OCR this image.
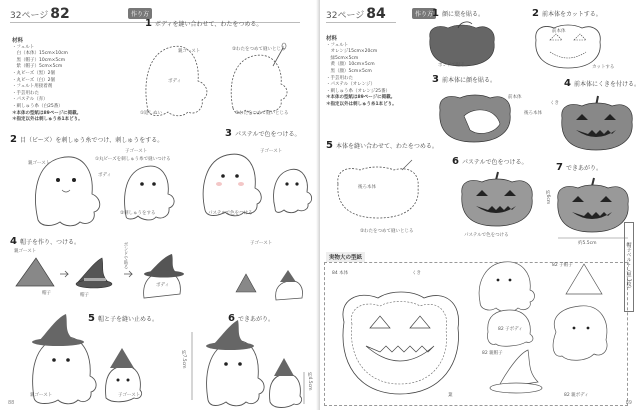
32ページ 82	作り方
材料
・フェルト
　白（本体）15cm×10cm
　黒（帽子）10cm×5cm
　紫（帽子）5cm×5cm
・丸ビーズ（黒）2個
・丸ビーズ（白）2個
・フェルト用接着剤
・手芸用わた
・パステル（赤）
・刺しゅう糸（白25番）
＊本体の型紙は89ページに掲載。
＊指定以外は刺しゅう糸1本どり。
1 ボディを縫い合わせて、わたをつめる。
親ゴースト
ボディ
②わたをつめて縫いとじる
①返しぬい	②わたをつめて縫いとじる
2 目（ビーズ）を刺しゅう糸でつけ、刺しゅうをする。
親ゴースト
ボディ
子ゴースト
①丸ビーズを刺しゅう糸で縫いつける
②刺しゅうをする
3 パステルで色をつける。
子ゴースト
パステルで色をつける
4 帽子を作り、つける。
親ゴースト
帽子	帽子
ボンドで貼る	子ゴースト
ボディ
5 帽と子を縫い止める。
親ゴースト	子ゴースト
6 できあがり。
約7.5cm
約4.5cm
88
32ページ 84	作り方
材料
・フェルト
　オレンジ15cm×20cm
　緑5cm×5cm
　黄（顔）10cm×5cm
　黒（顔）5cm×5cm
・手芸用わた
・パステル（オレンジ）
・刺しゅう糸（オレンジ25番）
＊本体の型紙は89ページに掲載。
＊指定以外は刺しゅう糸1本どり。
1 顔に葉を貼る。
ボンドで貼る
2 前本体をカットする。
前本体
カットする
3 前本体に顔を貼る。
前本体
後ろ本体
4 前本体にくきを付ける。
くき
5 本体を縫い合わせて、わたをつめる。
後ろ本体
②わたをつめて縫いとじる
6 パステルで色をつける。
パステルで色をつける
7 できあがり。
約5.5cm
約6cm
実物大の型紙
84 本体	くき
葉
82 子帽子
82 子ボディ
82 親帽子
82 親ボディ
帽子ベルト（黒 1枚）
89
